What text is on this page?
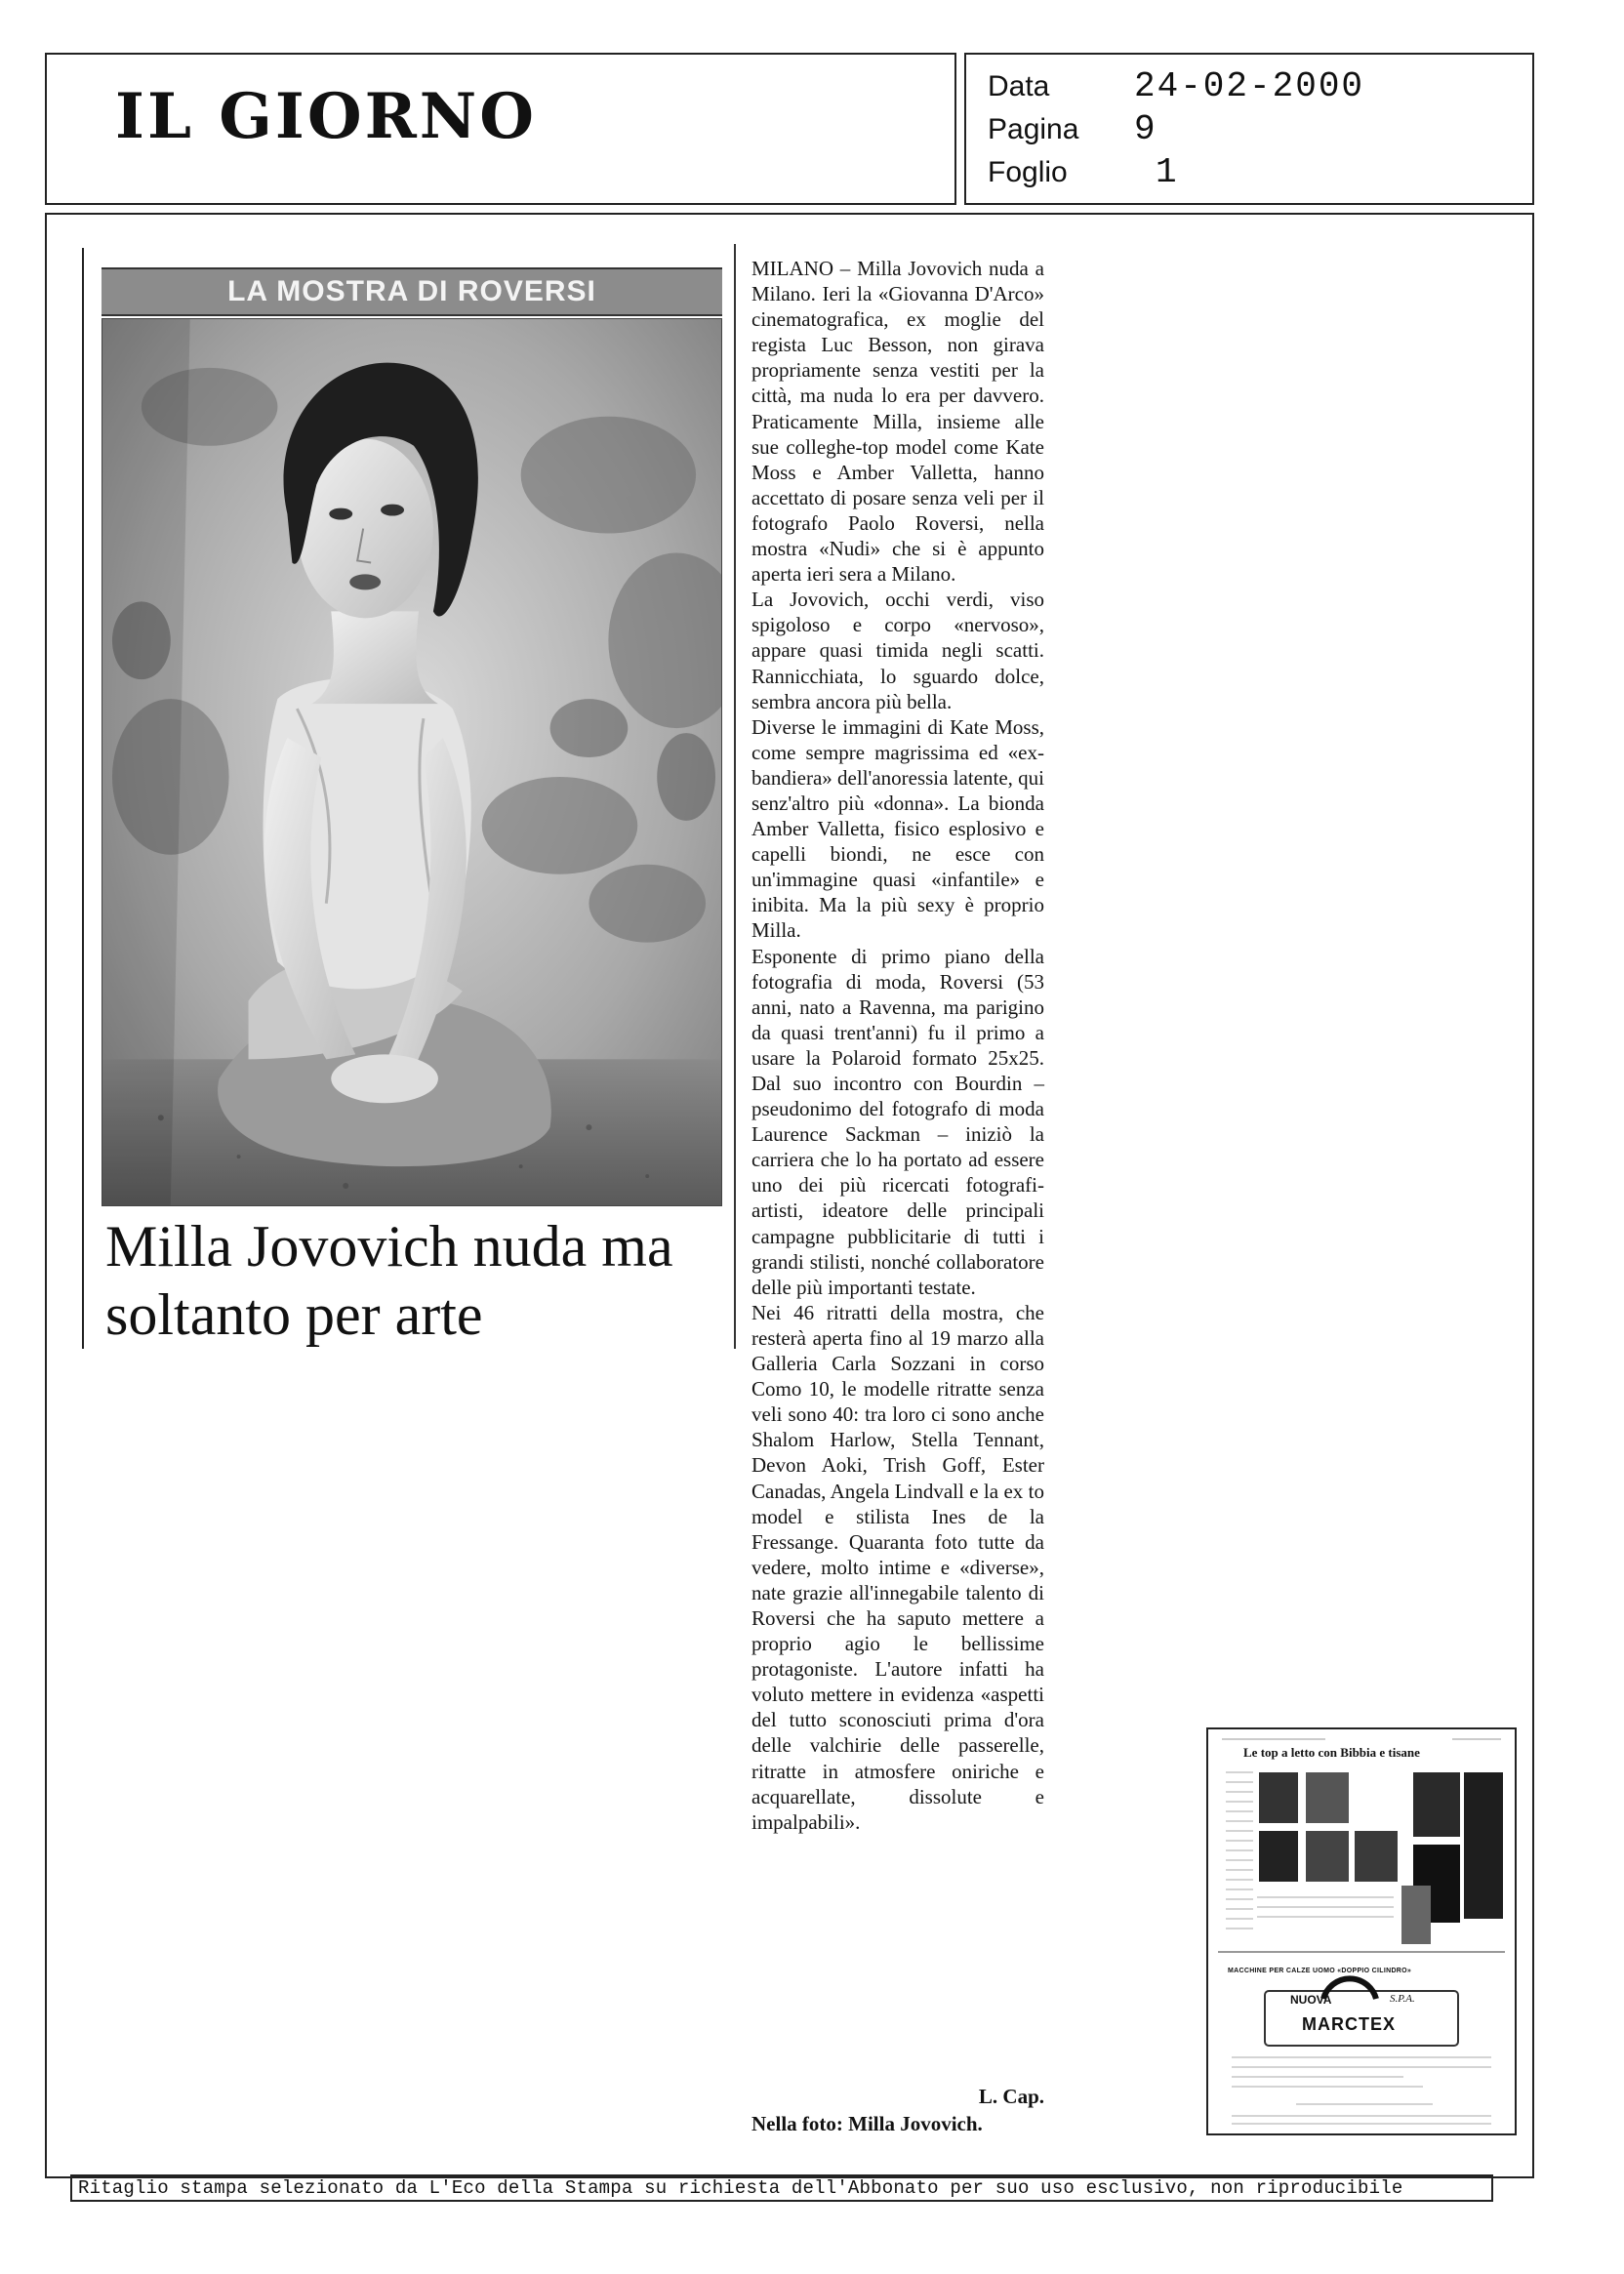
IL GIORNO	Data	24-02-2000
Pagina	9
Foglio	1
LA MOSTRA DI ROVERSI
Milla Jovovich nuda ma soltanto per arte

MILANO – Milla Jovovich nuda a Milano. Ieri la «Giovanna D'Arco» cinematografica, ex moglie del regista Luc Besson, non girava propriamente senza vestiti per la città, ma nuda lo era per davvero. Praticamente Milla, insieme alle sue colleghe-top model come Kate Moss e Amber Valletta, hanno accettato di posare senza veli per il fotografo Paolo Roversi, nella mostra «Nudi» che si è appunto aperta ieri sera a Milano.

La Jovovich, occhi verdi, viso spigoloso e corpo «nervoso», appare quasi timida negli scatti. Rannicchiata, lo sguardo dolce, sembra ancora più bella.

Diverse le immagini di Kate Moss, come sempre magrissima ed «ex-bandiera» dell'anoressia latente, qui senz'altro più «donna». La bionda Amber Valletta, fisico esplosivo e capelli biondi, ne esce con un'immagine quasi «infantile» e inibita. Ma la più sexy è proprio Milla.

Esponente di primo piano della fotografia di moda, Roversi (53 anni, nato a Ravenna, ma parigino da quasi trent'anni) fu il primo a usare la Polaroid formato 25x25. Dal suo incontro con Bourdin – pseudonimo del fotografo di moda Laurence Sackman – iniziò la carriera che lo ha portato ad essere uno dei più ricercati fotografi-artisti, ideatore delle principali campagne pubblicitarie di tutti i grandi stilisti, nonché collaboratore delle più importanti testate.

Nei 46 ritratti della mostra, che resterà aperta fino al 19 marzo alla Galleria Carla Sozzani in corso Como 10, le modelle ritratte senza veli sono 40: tra loro ci sono anche Shalom Harlow, Stella Tennant, Devon Aoki, Trish Goff, Ester Canadas, Angela Lindvall e la ex to model e stilista Ines de la Fressange. Quaranta foto tutte da vedere, molto intime e «diverse», nate grazie all'innegabile talento di Roversi che ha saputo mettere a proprio agio le bellissime protagoniste. L'autore infatti ha voluto mettere in evidenza «aspetti del tutto sconosciuti prima d'ora delle valchirie delle passerelle, ritratte in atmosfere oniriche e acquarellate, dissolute e impalpabili».

L. Cap.

Nella foto: Milla Jovovich.

Le top a letto con Bibbia e tisane
MACCHINE PER CALZE UOMO «DOPPIO CILINDRO»
NUOVA	S.P.A.
MARCTEX
Ritaglio stampa selezionato da L'Eco della Stampa su richiesta dell'Abbonato per suo uso esclusivo, non riproducibile
